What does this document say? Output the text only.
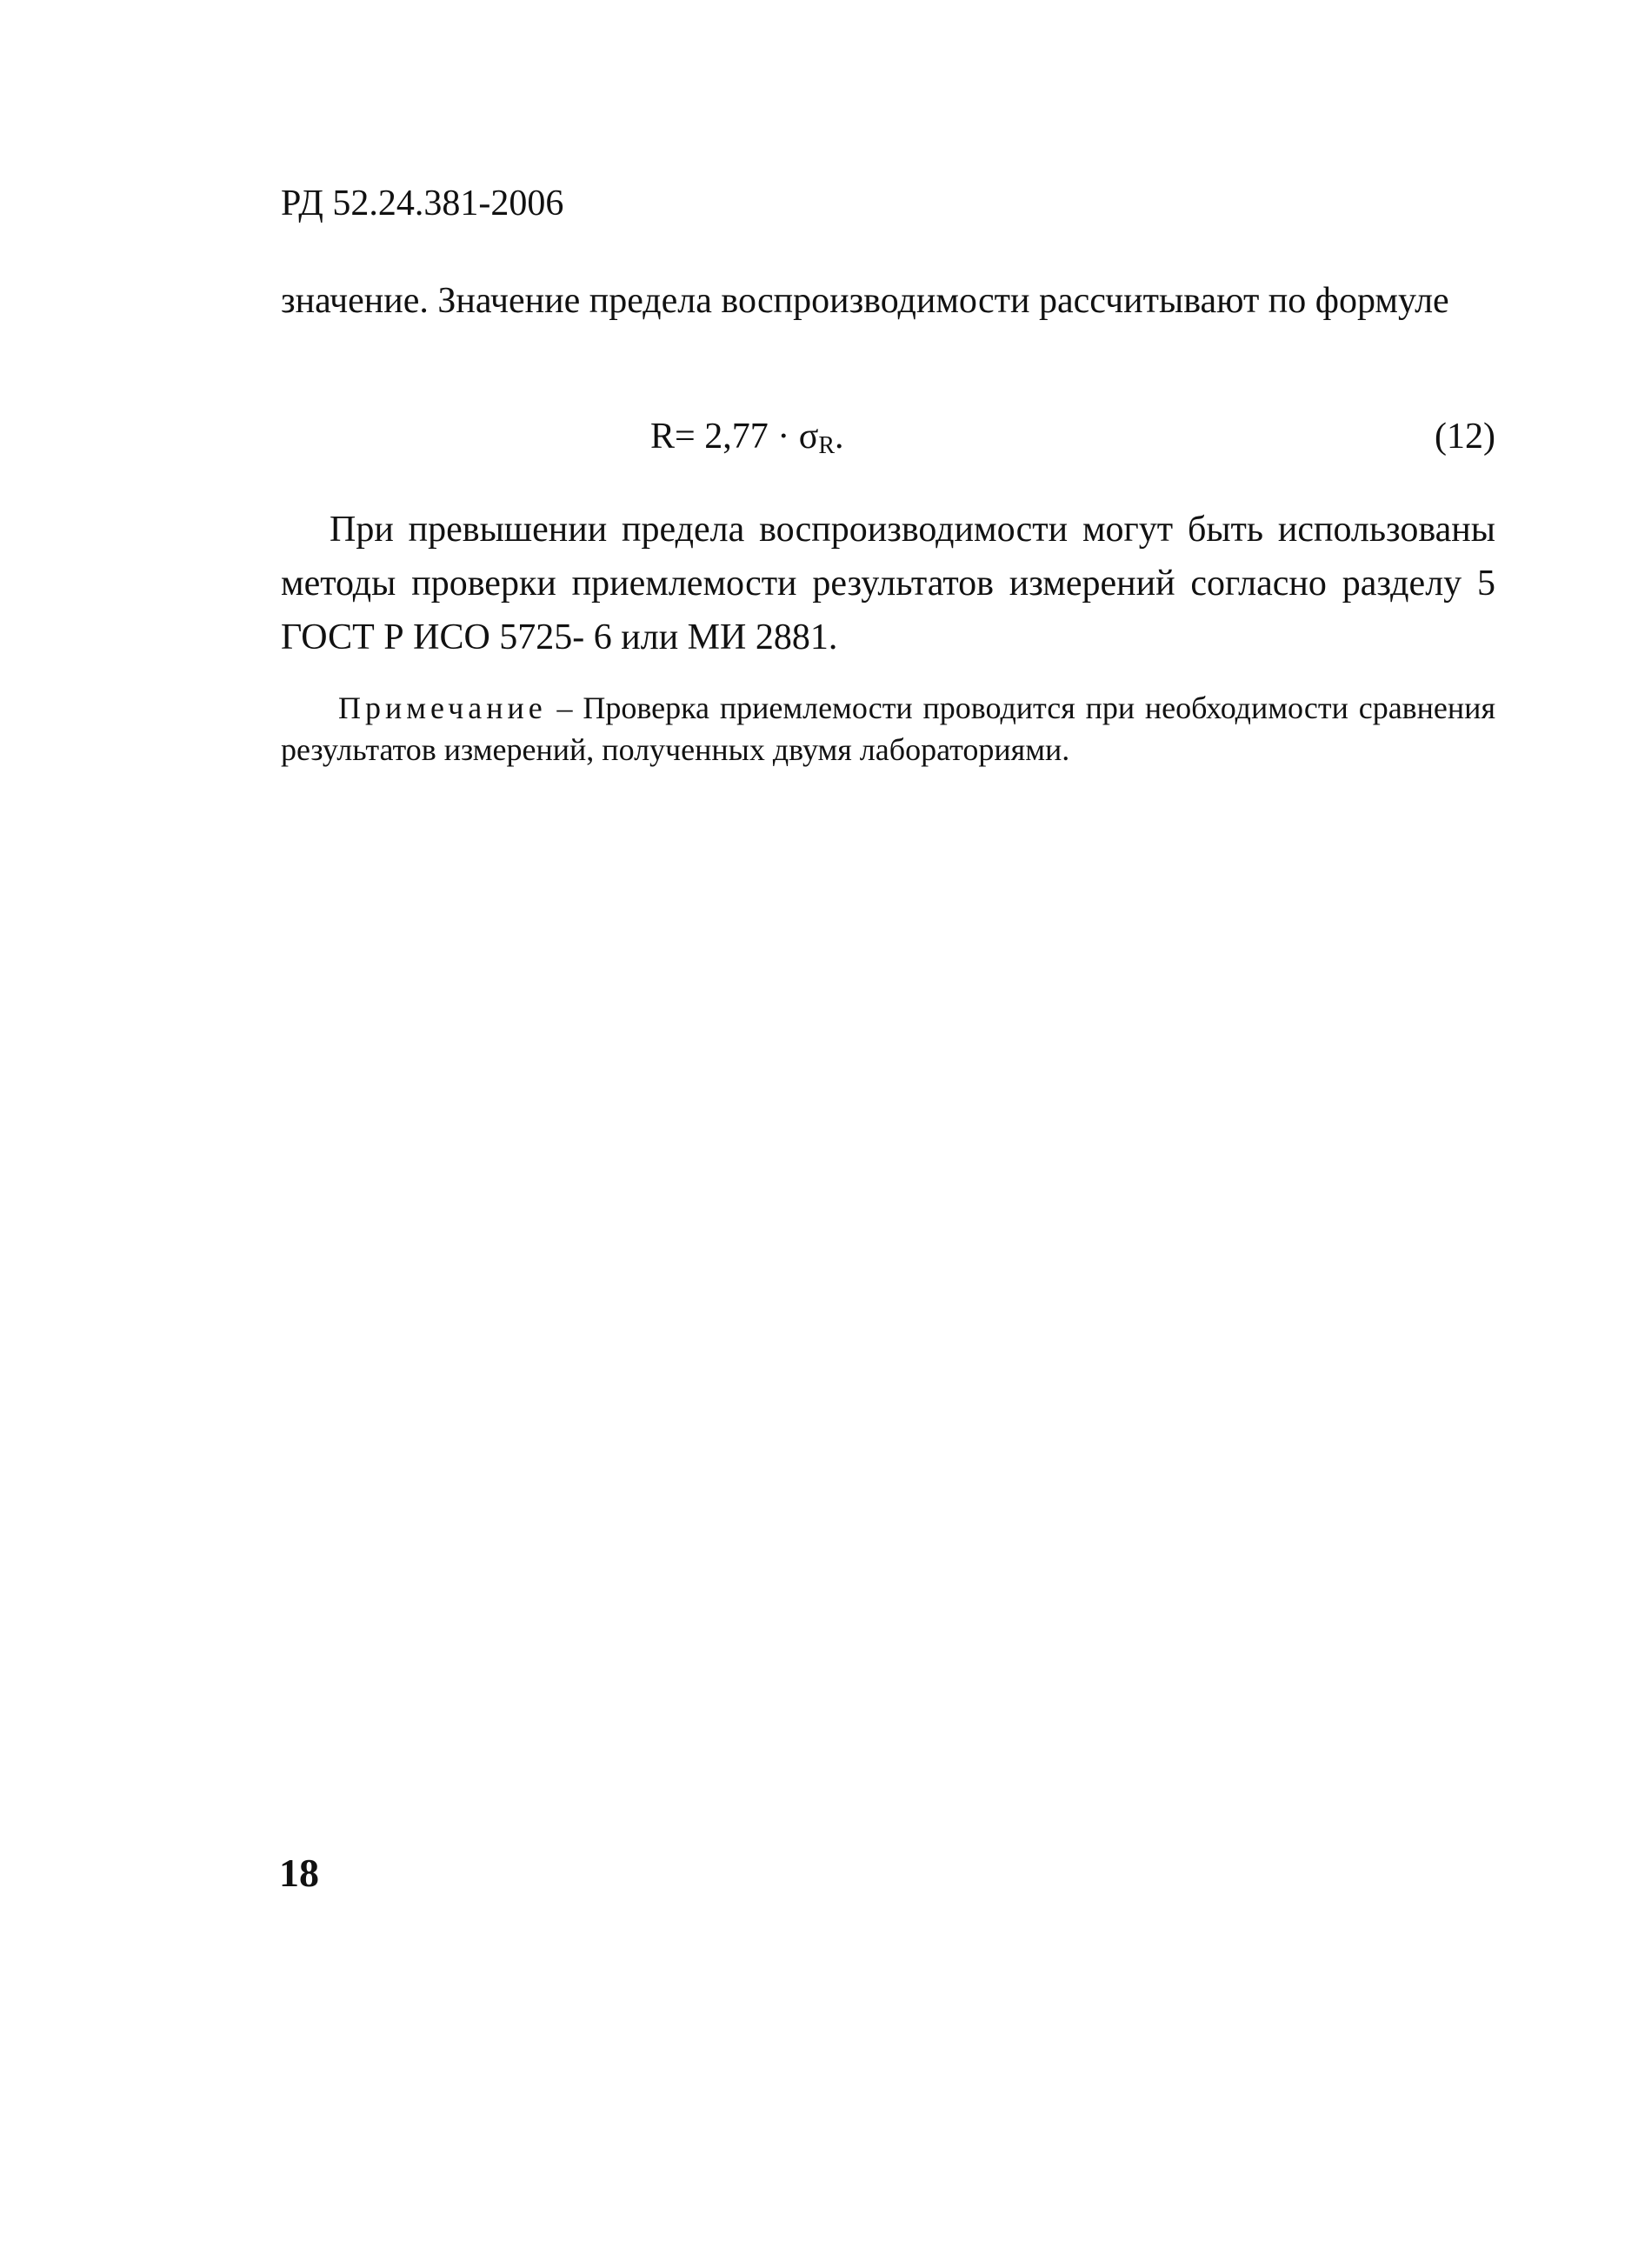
РД 52.24.381-2006
значение. Значение предела воспроизводимости рассчитывают по формуле
$R= 2,77 \cdot \sigma_R$.	(12)
При превышении предела воспроизводимости могут быть использованы методы проверки приемлемости результатов измерений согласно разделу 5 ГОСТ Р ИСО 5725- 6 или МИ 2881.
Примечание – Проверка приемлемости проводится при необходимости сравнения результатов измерений, полученных двумя лабораториями.
18
